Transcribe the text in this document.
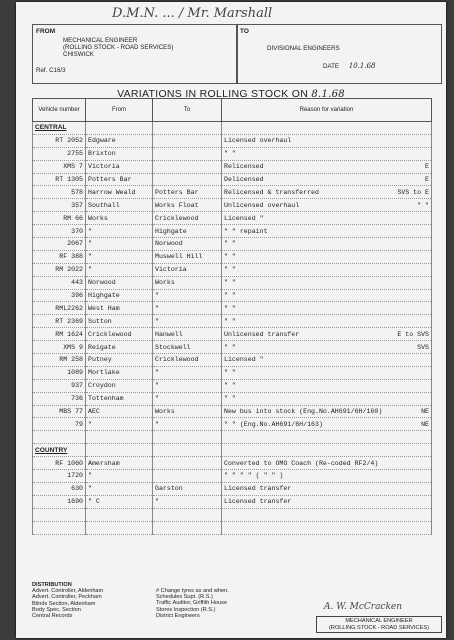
D.M.N. ... / Mr. Marshall
FROM
MECHANICAL ENGINEER
(ROLLING STOCK - ROAD SERVICES)
CHISWICK
Ref. C16/3
TO
DIVISIONAL ENGINEERS
DATE 10.1.68
VARIATIONS IN ROLLING STOCK ON 8.1.68
Vehicle number	From	To	Reason for variation
CENTRAL			

RT 2052	Edgware		Licensed overhaul

2755	Brixton		" "

XMS 7	Victoria		Relicensed E

RT 1305	Potters Bar		Delicensed E

578	Harrow Weald	Potters Bar	Relicensed & transferred SVS to E

357	Southall	Works Float	Unlicensed overhaul " "

RM 66	Works	Cricklewood	Licensed "

370	"	Highgate	" " repaint

2067	"	Norwood	" "

RF 388	"	Muswell Hill	" "

RM 2022	"	Victoria	" "

443	Norwood	Works	" "

396	Highgate	"	" "

RML2262	West Ham	"	" "

RT 2369	Sutton	"	" "

RM 1624	Cricklewood	Hanwell	Unlicensed transfer E to SVS

XMS 9	Reigate	Stockwell	" " SVS

RM 258	Putney	Cricklewood	Licensed "

1089	Mortlake	"	" "

937	Croydon	"	" "

736	Tottenham	"	" "

MBS 77	AEC	Works	New bus into stock (Eng.No.AH691/6H/160) NE

79	"	"	" " (Eng.No.AH691/6H/163) NE

COUNTRY			

RF 1060	Amersham		Converted to OMO Coach (Re-coded RF2/4)

1720	"		" " " " ( " " )

630	"	Garston	Licensed transfer

1690	" C	"	Licensed transfer

DISTRIBUTION
Advert. Controller, Aldenham
Advert. Controller, Peckham
Blinds Section, Aldenham
Body Spec. Section
Central Records
# Change tyres as and when.
Schedules Supt. (R.S.)
Traffic Auditor, Griffith House
Stores Inspection (R.S.)
District Engineers
A. W. McCracken
MECHANICAL ENGINEER
(ROLLING STOCK - ROAD SERVICES)
